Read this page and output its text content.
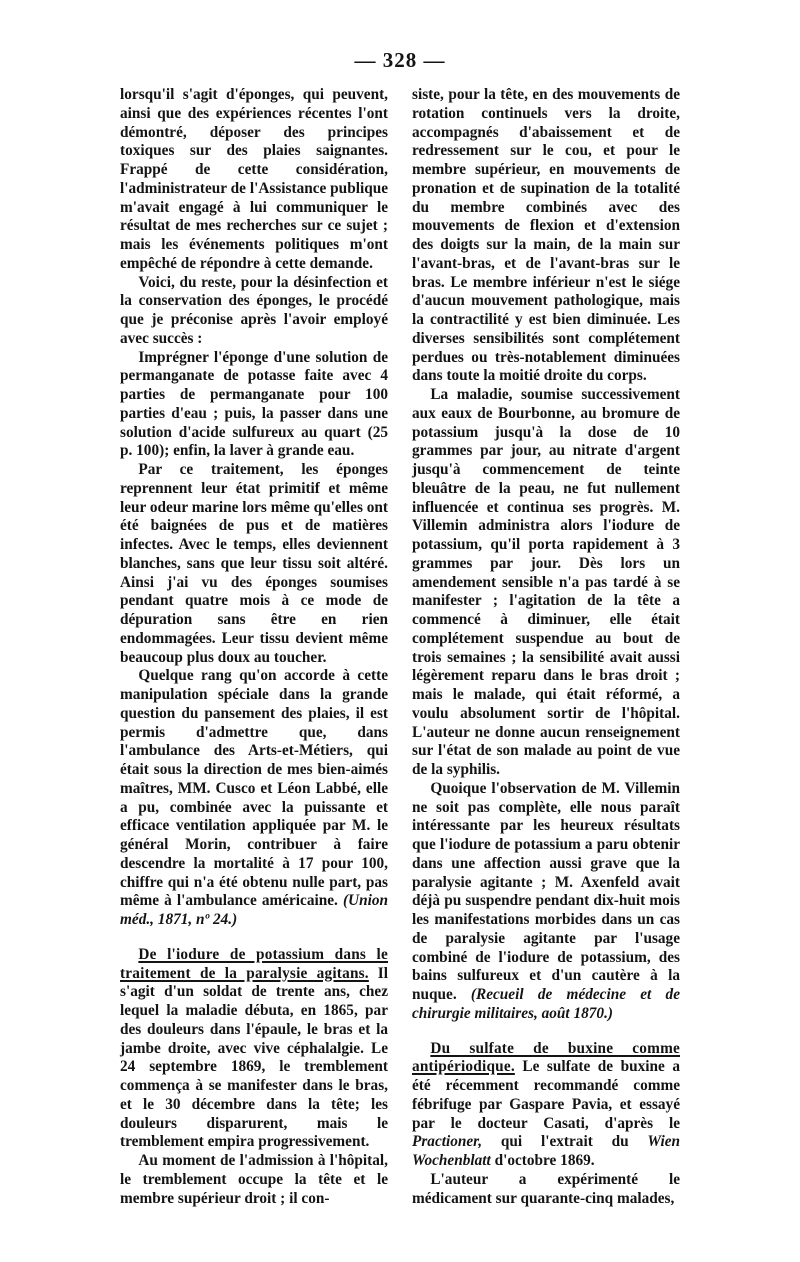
— 328 —

lorsqu'il s'agit d'éponges, qui peuvent, ainsi que des expériences récentes l'ont démontré, déposer des principes toxiques sur des plaies saignantes. Frappé de cette considération, l'administrateur de l'Assistance publique m'avait engagé à lui communiquer le résultat de mes recherches sur ce sujet ; mais les événements politiques m'ont empêché de répondre à cette demande.

Voici, du reste, pour la désinfection et la conservation des éponges, le procédé que je préconise après l'avoir employé avec succès :

Imprégner l'éponge d'une solution de permanganate de potasse faite avec 4 parties de permanganate pour 100 parties d'eau ; puis, la passer dans une solution d'acide sulfureux au quart (25 p. 100); enfin, la laver à grande eau.

Par ce traitement, les éponges reprennent leur état primitif et même leur odeur marine lors même qu'elles ont été baignées de pus et de matières infectes. Avec le temps, elles deviennent blanches, sans que leur tissu soit altéré. Ainsi j'ai vu des éponges soumises pendant quatre mois à ce mode de dépuration sans être en rien endommagées. Leur tissu devient même beaucoup plus doux au toucher.

Quelque rang qu'on accorde à cette manipulation spéciale dans la grande question du pansement des plaies, il est permis d'admettre que, dans l'ambulance des Arts-et-Métiers, qui était sous la direction de mes bien-aimés maîtres, MM. Cusco et Léon Labbé, elle a pu, combinée avec la puissante et efficace ventilation appliquée par M. le général Morin, contribuer à faire descendre la mortalité à 17 pour 100, chiffre qui n'a été obtenu nulle part, pas même à l'ambulance américaine. (Union méd., 1871, nº 24.)

De l'iodure de potassium dans le traitement de la paralysie agitans. Il s'agit d'un soldat de trente ans, chez lequel la maladie débuta, en 1865, par des douleurs dans l'épaule, le bras et la jambe droite, avec vive céphalalgie. Le 24 septembre 1869, le tremblement commença à se manifester dans le bras, et le 30 décembre dans la tête; les douleurs disparurent, mais le tremblement empira progressivement.

Au moment de l'admission à l'hôpital, le tremblement occupe la tête et le membre supérieur droit ; il con-

siste, pour la tête, en des mouvements de rotation continuels vers la droite, accompagnés d'abaissement et de redressement sur le cou, et pour le membre supérieur, en mouvements de pronation et de supination de la totalité du membre combinés avec des mouvements de flexion et d'extension des doigts sur la main, de la main sur l'avant-bras, et de l'avant-bras sur le bras. Le membre inférieur n'est le siége d'aucun mouvement pathologique, mais la contractilité y est bien diminuée. Les diverses sensibilités sont complétement perdues ou très-notablement diminuées dans toute la moitié droite du corps.

La maladie, soumise successivement aux eaux de Bourbonne, au bromure de potassium jusqu'à la dose de 10 grammes par jour, au nitrate d'argent jusqu'à commencement de teinte bleuâtre de la peau, ne fut nullement influencée et continua ses progrès. M. Villemin administra alors l'iodure de potassium, qu'il porta rapidement à 3 grammes par jour. Dès lors un amendement sensible n'a pas tardé à se manifester ; l'agitation de la tête a commencé à diminuer, elle était complétement suspendue au bout de trois semaines ; la sensibilité avait aussi légèrement reparu dans le bras droit ; mais le malade, qui était réformé, a voulu absolument sortir de l'hôpital. L'auteur ne donne aucun renseignement sur l'état de son malade au point de vue de la syphilis.

Quoique l'observation de M. Villemin ne soit pas complète, elle nous paraît intéressante par les heureux résultats que l'iodure de potassium a paru obtenir dans une affection aussi grave que la paralysie agitante ; M. Axenfeld avait déjà pu suspendre pendant dix-huit mois les manifestations morbides dans un cas de paralysie agitante par l'usage combiné de l'iodure de potassium, des bains sulfureux et d'un cautère à la nuque. (Recueil de médecine et de chirurgie militaires, août 1870.)

Du sulfate de buxine comme antipériodique. Le sulfate de buxine a été récemment recommandé comme fébrifuge par Gaspare Pavia, et essayé par le docteur Casati, d'après le Practioner, qui l'extrait du Wien Wochenblatt d'octobre 1869.

L'auteur a expérimenté le médicament sur quarante-cinq malades,
